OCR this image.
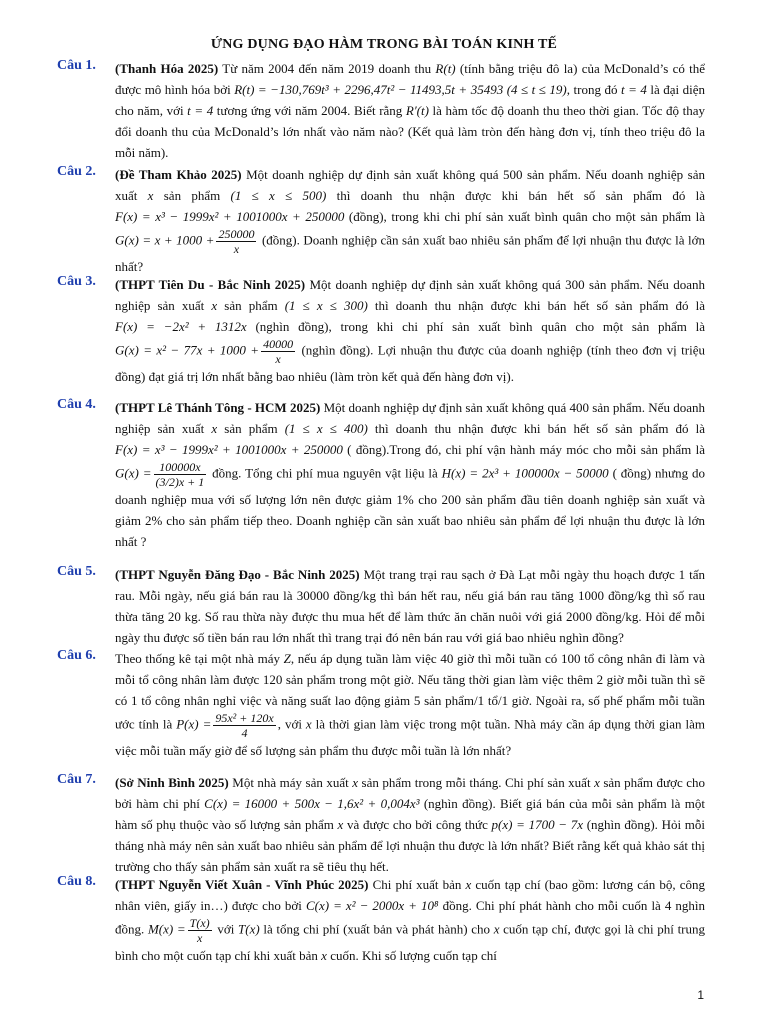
ỨNG DỤNG ĐẠO HÀM TRONG BÀI TOÁN KINH TẾ
Câu 1.	(Thanh Hóa 2025) Từ năm 2004 đến năm 2019 doanh thu R(t) (tính bằng triệu đô la) của McDonald’s có thể được mô hình hóa bởi R(t) = −130,769t³ + 2296,47t² − 11493,5t + 35493 (4 ≤ t ≤ 19), trong đó t = 4 là đại diện cho năm, với t = 4 tương ứng với năm 2004. Biết rằng R′(t) là hàm tốc độ doanh thu theo thời gian. Tốc độ thay đổi doanh thu của McDonald’s lớn nhất vào năm nào? (Kết quả làm tròn đến hàng đơn vị, tính theo triệu đô la mỗi năm).
Câu 2.	(Đề Tham Khảo 2025) Một doanh nghiệp dự định sản xuất không quá 500 sản phẩm. Nếu doanh nghiệp sản xuất x sản phẩm (1 ≤ x ≤ 500) thì doanh thu nhận được khi bán hết số sản phẩm đó là F(x) = x³ − 1999x² + 1001000x + 250000 (đồng), trong khi chi phí sản xuất bình quân cho một sản phẩm là $G(x) = x + 1000 + \frac{250000}{x}$ (đồng). Doanh nghiệp cần sản xuất bao nhiêu sản phẩm để lợi nhuận thu được là lớn nhất?
Câu 3.	(THPT Tiên Du - Bắc Ninh 2025) Một doanh nghiệp dự định sản xuất không quá 300 sản phẩm. Nếu doanh nghiệp sản xuất x sản phẩm (1 ≤ x ≤ 300) thì doanh thu nhận được khi bán hết số sản phẩm đó là F(x) = −2x² + 1312x (nghìn đồng), trong khi chi phí sản xuất bình quân cho một sản phẩm là $G(x) = x^2 - 77x + 1000 + \frac{40000}{x}$ (nghìn đồng). Lợi nhuận thu được của doanh nghiệp (tính theo đơn vị triệu đồng) đạt giá trị lớn nhất bằng bao nhiêu (làm tròn kết quả đến hàng đơn vị).
Câu 4.	(THPT Lê Thánh Tông - HCM 2025) Một doanh nghiệp dự định sản xuất không quá 400 sản phẩm. Nếu doanh nghiệp sản xuất x sản phẩm (1 ≤ x ≤ 400) thì doanh thu nhận được khi bán hết số sản phẩm đó là F(x) = x³ − 1999x² + 1001000x + 250000 ( đồng).Trong đó, chi phí vận hành máy móc cho mỗi sản phẩm là $G(x) = \frac{100000x}{(3/2)x + 1}$ đồng. Tổng chi phí mua nguyên vật liệu là H(x) = 2x³ + 100000x − 50000 ( đồng) nhưng do doanh nghiệp mua với số lượng lớn nên được giảm 1% cho 200 sản phẩm đầu tiên doanh nghiệp sản xuất và giảm 2% cho sản phẩm tiếp theo. Doanh nghiệp cần sản xuất bao nhiêu sản phẩm để lợi nhuận thu được là lớn nhất ?
Câu 5.	(THPT Nguyễn Đăng Đạo - Bắc Ninh 2025) Một trang trại rau sạch ở Đà Lạt mỗi ngày thu hoạch được 1 tấn rau. Mỗi ngày, nếu giá bán rau là 30000 đồng/kg thì bán hết rau, nếu giá bán rau tăng 1000 đồng/kg thì số rau thừa tăng 20 kg. Số rau thừa này được thu mua hết để làm thức ăn chăn nuôi với giá 2000 đồng/kg. Hỏi để mỗi ngày thu được số tiền bán rau lớn nhất thì trang trại đó nên bán rau với giá bao nhiêu nghìn đồng?
Câu 6.	Theo thống kê tại một nhà máy Z, nếu áp dụng tuần làm việc 40 giờ thì mỗi tuần có 100 tổ công nhân đi làm và mỗi tổ công nhân làm được 120 sản phẩm trong một giờ. Nếu tăng thời gian làm việc thêm 2 giờ mỗi tuần thì sẽ có 1 tổ công nhân nghỉ việc và năng suất lao động giảm 5 sản phẩm/1 tổ/1 giờ. Ngoài ra, số phế phẩm mỗi tuần ước tính là $P(x) = \frac{\text{95x² + 120x}}{4}$ , với x là thời gian làm việc trong một tuần. Nhà máy cần áp dụng thời gian làm việc mỗi tuần mấy giờ để số lượng sản phẩm thu được mỗi tuần là lớn nhất?
Câu 7.	(Sở Ninh Bình 2025) Một nhà máy sản xuất x sản phẩm trong mỗi tháng. Chi phí sản xuất x sản phẩm được cho bởi hàm chi phí C(x) = 16000 + 500x − 1,6x² + 0,004x³ (nghìn đồng). Biết giá bán của mỗi sản phẩm là một hàm số phụ thuộc vào số lượng sản phẩm x và được cho bởi công thức p(x) = 1700 − 7x (nghìn đồng). Hỏi mỗi tháng nhà máy nên sản xuất bao nhiêu sản phẩm để lợi nhuận thu được là lớn nhất? Biết rằng kết quả khảo sát thị trường cho thấy sản phẩm sản xuất ra sẽ tiêu thụ hết.
Câu 8.	(THPT Nguyễn Viết Xuân - Vĩnh Phúc 2025) Chi phí xuất bản x cuốn tạp chí (bao gồm: lương cán bộ, công nhân viên, giấy in…) được cho bởi C(x) = x² − 2000x + 10⁸ đồng. Chi phí phát hành cho mỗi cuốn là 4 nghìn đồng. $M(x) = \frac{T(x)}{x}$ với T(x) là tổng chi phí (xuất bản và phát hành) cho x cuốn tạp chí, được gọi là chi phí trung bình cho một cuốn tạp chí khi xuất bản x cuốn. Khi số lượng cuốn tạp chí
1
